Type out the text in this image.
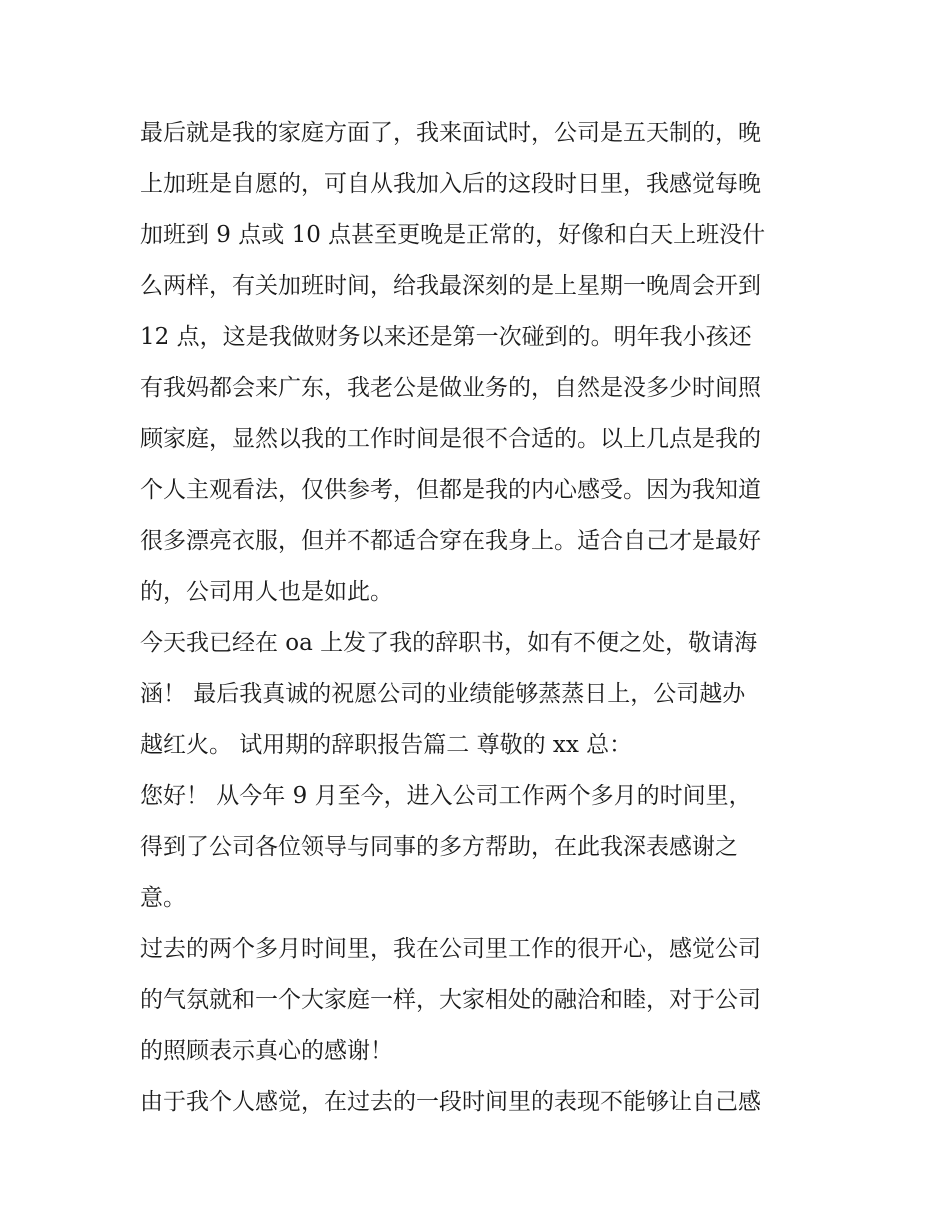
最后就是我的家庭方面了，我来面试时，公司是五天制的，晚
上加班是自愿的，可自从我加入后的这段时日里，我感觉每晚
加班到 9 点或 10 点甚至更晚是正常的，好像和白天上班没什
么两样，有关加班时间，给我最深刻的是上星期一晚周会开到
12 点，这是我做财务以来还是第一次碰到的。明年我小孩还
有我妈都会来广东，我老公是做业务的，自然是没多少时间照
顾家庭，显然以我的工作时间是很不合适的。以上几点是我的
个人主观看法，仅供参考，但都是我的内心感受。因为我知道
很多漂亮衣服，但并不都适合穿在我身上。适合自己才是最好
的，公司用人也是如此。
今天我已经在 oa 上发了我的辞职书，如有不便之处，敬请海
涵！ 最后我真诚的祝愿公司的业绩能够蒸蒸日上，公司越办
越红火。 试用期的辞职报告篇二 尊敬的 xx 总：
您好！ 从今年 9 月至今，进入公司工作两个多月的时间里，
得到了公司各位领导与同事的多方帮助，在此我深表感谢之
意。
过去的两个多月时间里，我在公司里工作的很开心，感觉公司
的气氛就和一个大家庭一样，大家相处的融洽和睦，对于公司
的照顾表示真心的感谢！
由于我个人感觉，在过去的一段时间里的表现不能够让自己感
